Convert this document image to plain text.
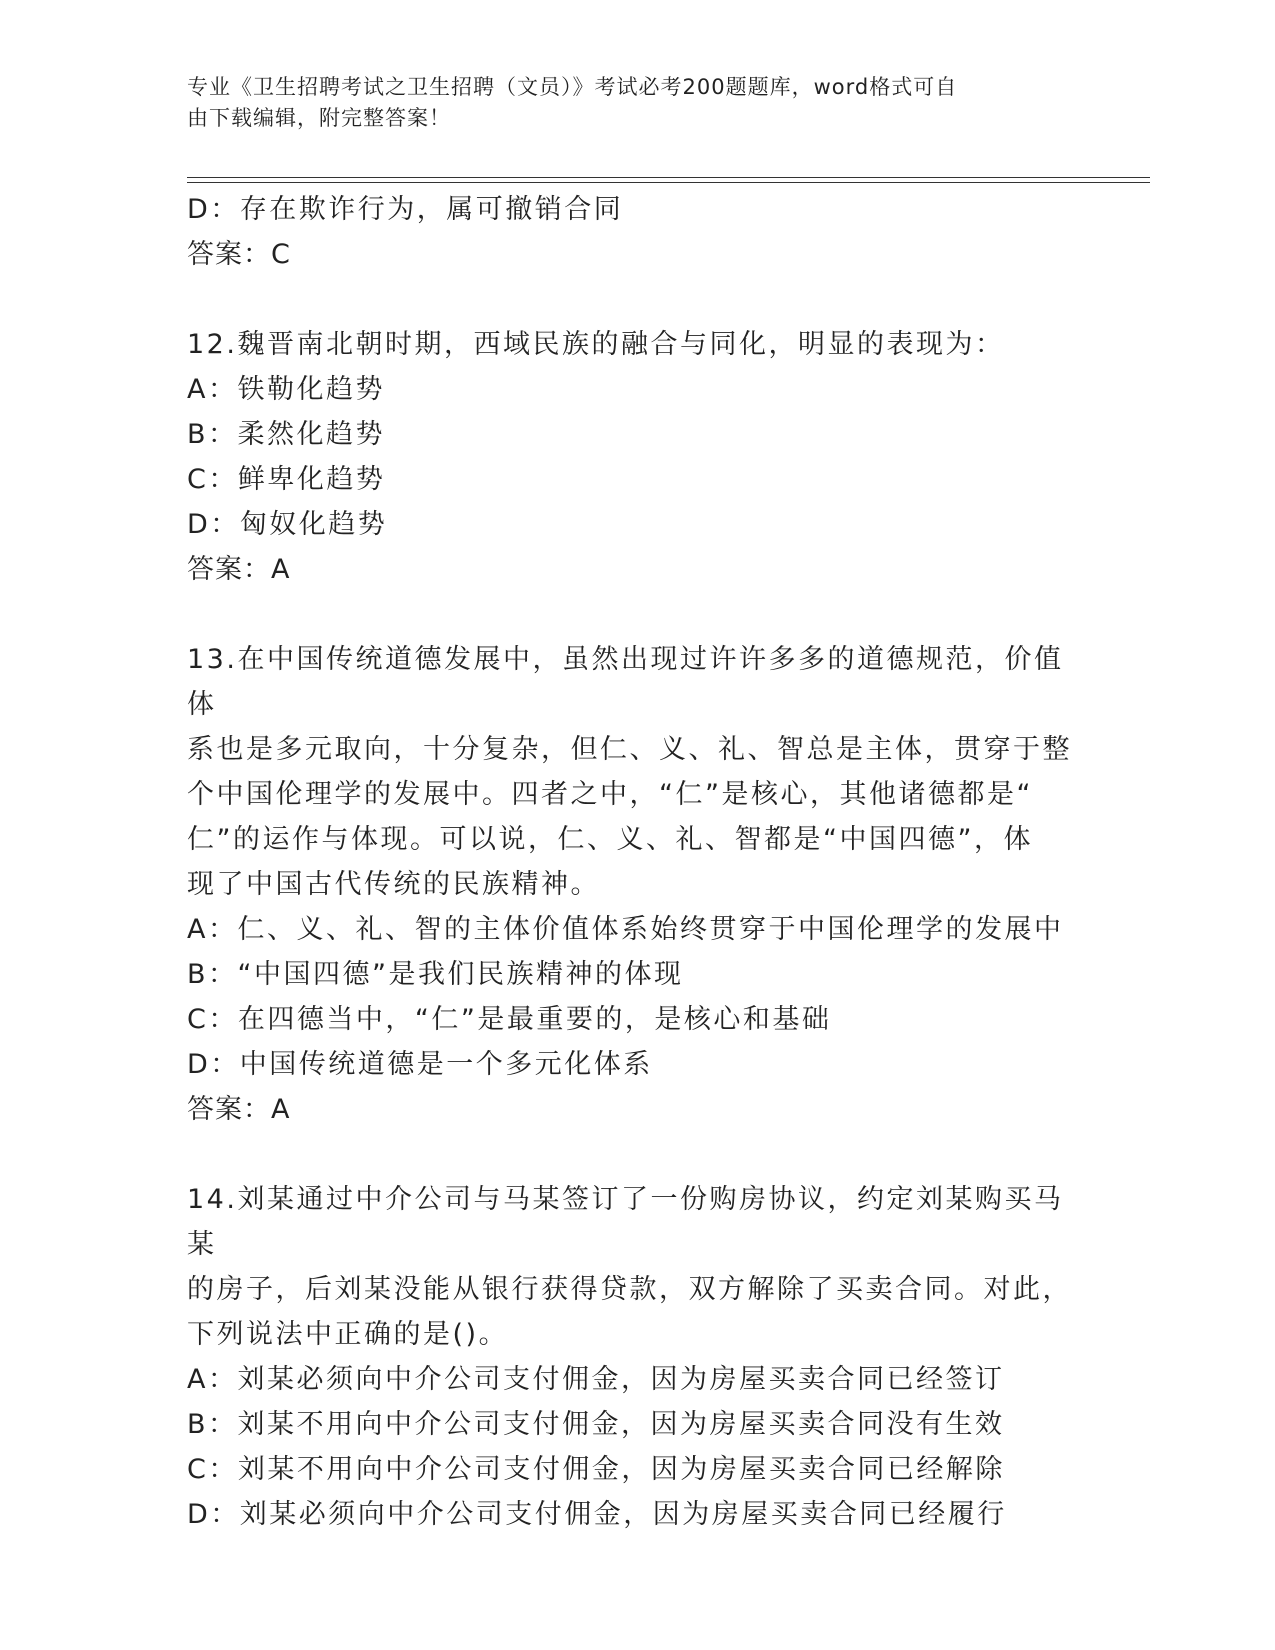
专业《卫生招聘考试之卫生招聘（文员）》考试必考200题题库，word格式可自
由下载编辑，附完整答案！

D：存在欺诈行为，属可撤销合同

答案：C

12.魏晋南北朝时期，西域民族的融合与同化，明显的表现为：

A：铁勒化趋势

B：柔然化趋势

C：鲜卑化趋势

D：匈奴化趋势

答案：A

13.在中国传统道德发展中，虽然出现过许许多多的道德规范，价值体

系也是多元取向，十分复杂，但仁、义、礼、智总是主体，贯穿于整

个中国伦理学的发展中。四者之中，“仁”是核心，其他诸德都是“

仁”的运作与体现。可以说，仁、义、礼、智都是“中国四德”，体

现了中国古代传统的民族精神。

A：仁、义、礼、智的主体价值体系始终贯穿于中国伦理学的发展中

B：“中国四德”是我们民族精神的体现

C：在四德当中，“仁”是最重要的，是核心和基础

D：中国传统道德是一个多元化体系

答案：A

14.刘某通过中介公司与马某签订了一份购房协议，约定刘某购买马某

的房子，后刘某没能从银行获得贷款，双方解除了买卖合同。对此，

下列说法中正确的是()。

A：刘某必须向中介公司支付佣金，因为房屋买卖合同已经签订

B：刘某不用向中介公司支付佣金，因为房屋买卖合同没有生效

C：刘某不用向中介公司支付佣金，因为房屋买卖合同已经解除

D：刘某必须向中介公司支付佣金，因为房屋买卖合同已经履行
